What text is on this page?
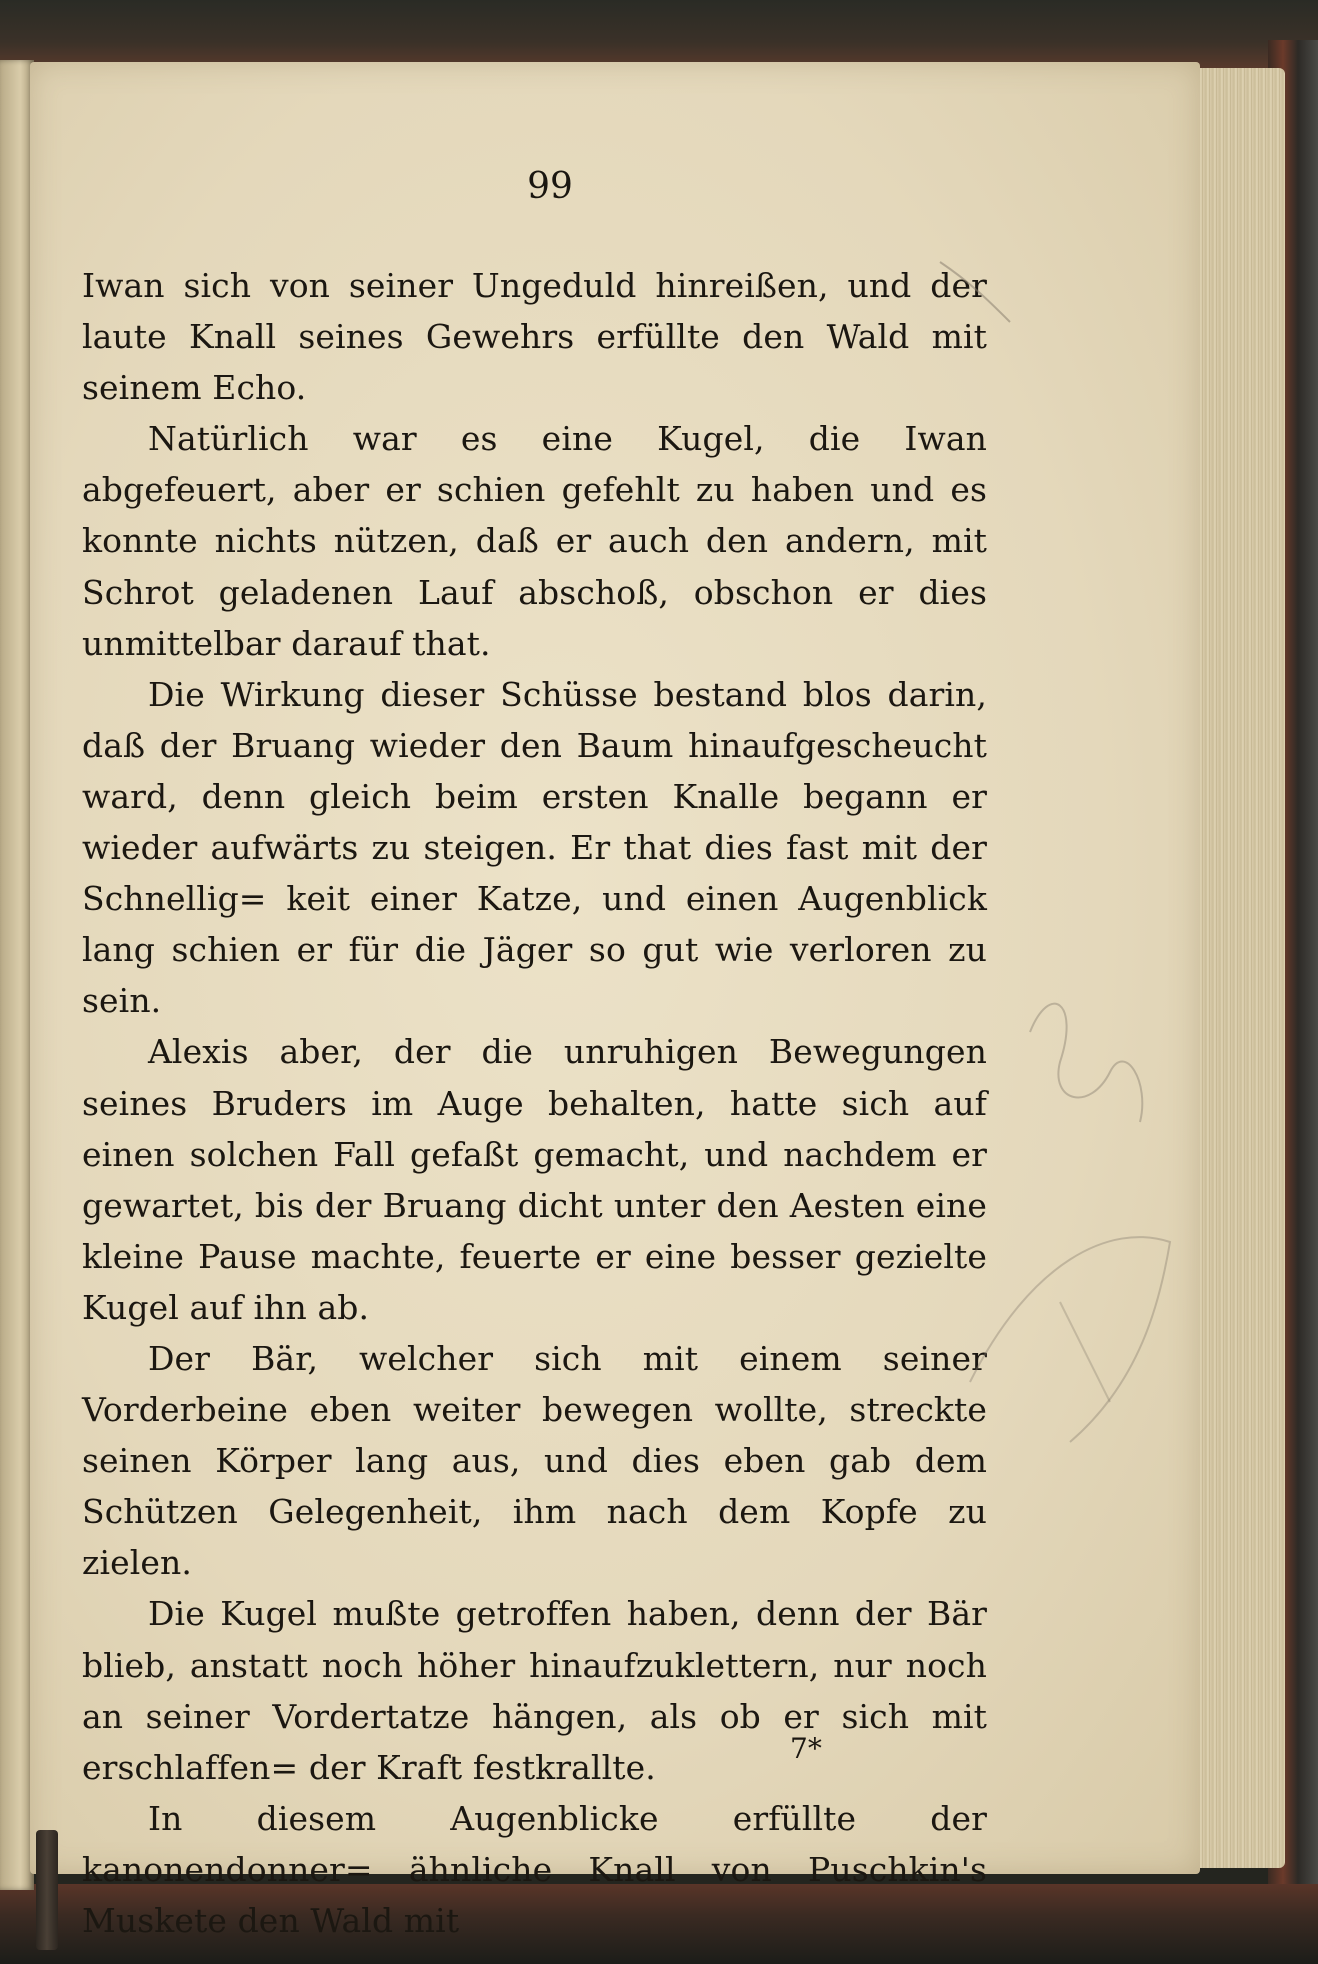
99

Iwan sich von seiner Ungeduld hinreißen, und der laute Knall seines Gewehrs erfüllte den Wald mit seinem Echo.

Natürlich war es eine Kugel, die Iwan abgefeuert, aber er schien gefehlt zu haben und es konnte nichts nützen, daß er auch den andern, mit Schrot geladenen Lauf abschoß, obschon er dies unmittelbar darauf that.

Die Wirkung dieser Schüsse bestand blos darin, daß der Bruang wieder den Baum hinaufgescheucht ward, denn gleich beim ersten Knalle begann er wieder aufwärts zu steigen. Er that dies fast mit der Schnellig= keit einer Katze, und einen Augenblick lang schien er für die Jäger so gut wie verloren zu sein.

Alexis aber, der die unruhigen Bewegungen seines Bruders im Auge behalten, hatte sich auf einen solchen Fall gefaßt gemacht, und nachdem er gewartet, bis der Bruang dicht unter den Aesten eine kleine Pause machte, feuerte er eine besser gezielte Kugel auf ihn ab.

Der Bär, welcher sich mit einem seiner Vorderbeine eben weiter bewegen wollte, streckte seinen Körper lang aus, und dies eben gab dem Schützen Gelegenheit, ihm nach dem Kopfe zu zielen.

Die Kugel mußte getroffen haben, denn der Bär blieb, anstatt noch höher hinaufzuklettern, nur noch an seiner Vordertatze hängen, als ob er sich mit erschlaffen= der Kraft festkrallte.

In diesem Augenblicke erfüllte der kanonendonner= ähnliche Knall von Puschkin's Muskete den Wald mit

7*
